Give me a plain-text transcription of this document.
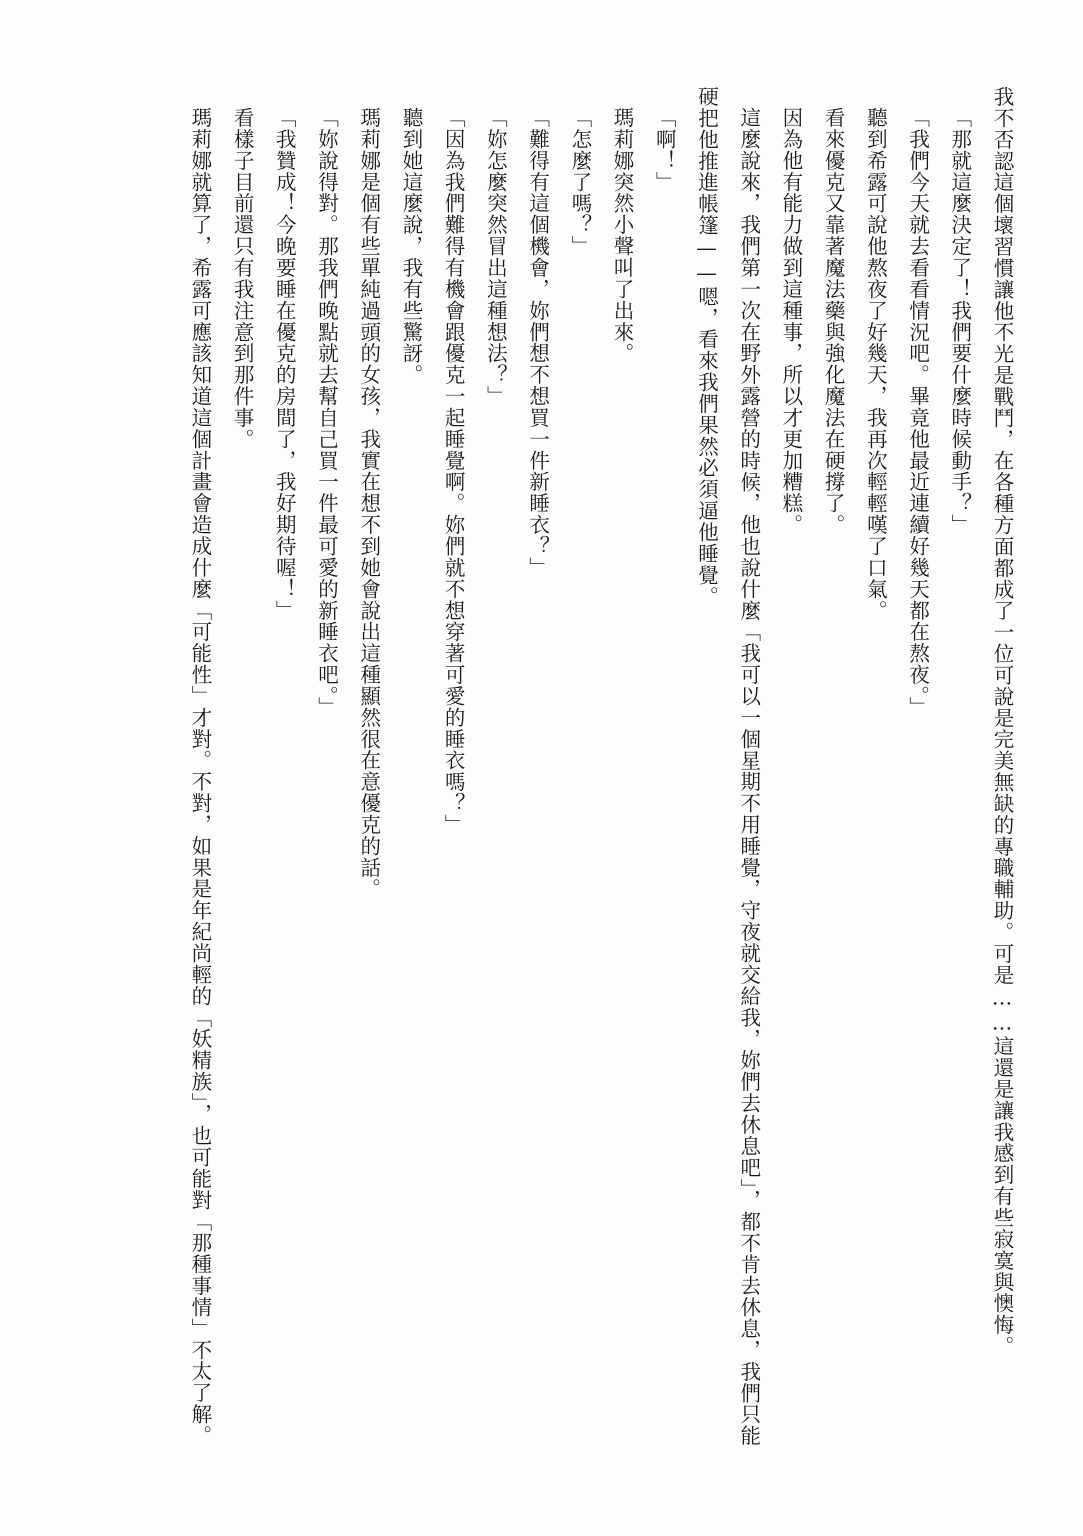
我不否認這個壞習慣讓他不光是戰鬥，在各種方面都成了一位可說是完美無缺的專職輔助。可是……這還是讓我感到有些寂寞與懊悔。

「那就這麼決定了！我們要什麼時候動手？」

「我們今天就去看看情況吧。畢竟他最近連續好幾天都在熬夜。」

聽到希露可說他熬夜了好幾天，我再次輕輕嘆了口氣。

看來優克又靠著魔法藥與強化魔法在硬撐了。

因為他有能力做到這種事，所以才更加糟糕。

這麼說來，我們第一次在野外露營的時候，他也說什麼「我可以一個星期不用睡覺，守夜就交給我，妳們去休息吧」，都不肯去休息，我們只能硬把他推進帳篷——嗯，看來我們果然必須逼他睡覺。

「啊！」

瑪莉娜突然小聲叫了出來。

「怎麼了嗎？」

「難得有這個機會，妳們想不想買一件新睡衣？」

「妳怎麼突然冒出這種想法？」

「因為我們難得有機會跟優克一起睡覺啊。妳們就不想穿著可愛的睡衣嗎？」

聽到她這麼說，我有些驚訝。

瑪莉娜是個有些單純過頭的女孩，我實在想不到她會說出這種顯然很在意優克的話。

「妳說得對。那我們晚點就去幫自己買一件最可愛的新睡衣吧。」

「我贊成！今晚要睡在優克的房間了，我好期待喔！」

看樣子目前還只有我注意到那件事。

瑪莉娜就算了，希露可應該知道這個計畫會造成什麼「可能性」才對。不對，如果是年紀尚輕的「妖精族」，也可能對「那種事情」不太了解。
